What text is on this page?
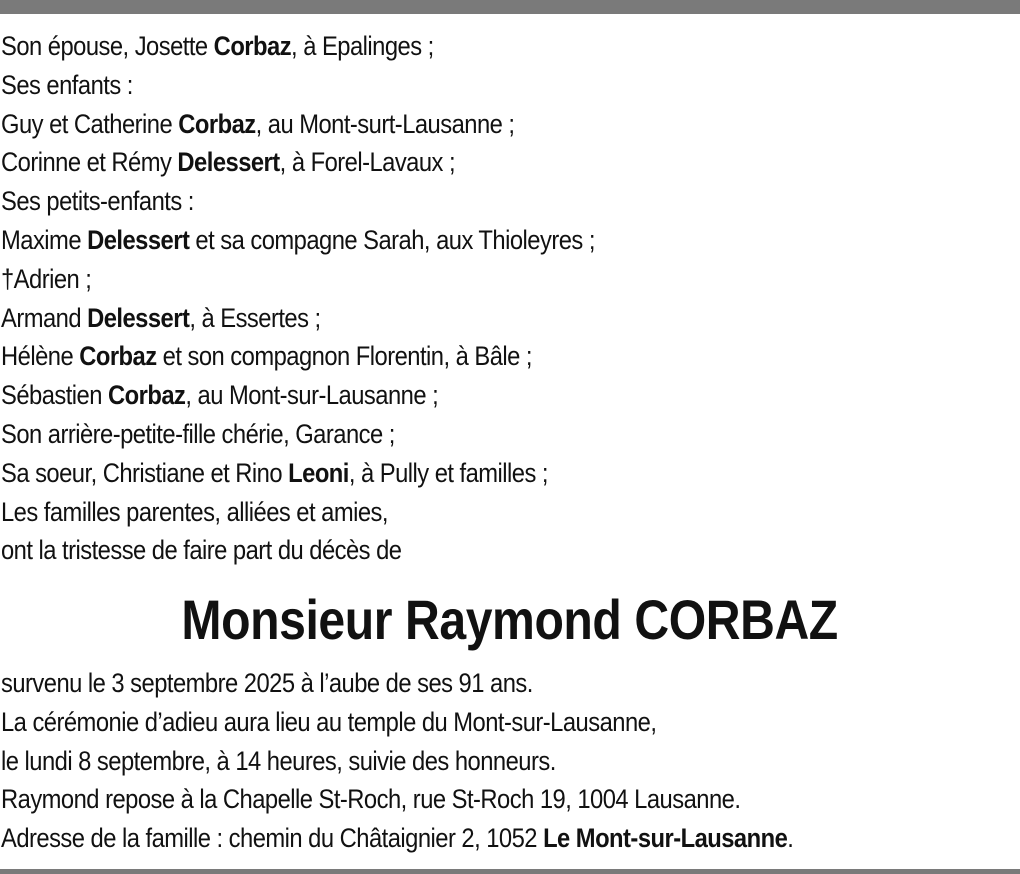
Son épouse, Josette Corbaz, à Epalinges ;
Ses enfants :
Guy et Catherine Corbaz, au Mont-surt-Lausanne ;
Corinne et Rémy Delessert, à Forel-Lavaux ;
Ses petits-enfants :
Maxime Delessert et sa compagne Sarah, aux Thioleyres ;
†Adrien ;
Armand Delessert, à Essertes ;
Hélène Corbaz et son compagnon Florentin, à Bâle ;
Sébastien Corbaz, au Mont-sur-Lausanne ;
Son arrière-petite-fille chérie, Garance ;
Sa soeur, Christiane et Rino Leoni, à Pully et familles ;
Les familles parentes, alliées et amies,
ont la tristesse de faire part du décès de
Monsieur Raymond CORBAZ
survenu le 3 septembre 2025 à l’aube de ses 91 ans.
La cérémonie d’adieu aura lieu au temple du Mont-sur-Lausanne,
le lundi 8 septembre, à 14 heures, suivie des honneurs.
Raymond repose à la Chapelle St-Roch, rue St-Roch 19, 1004 Lausanne.
Adresse de la famille : chemin du Châtaignier 2, 1052 Le Mont-sur-Lausanne.
